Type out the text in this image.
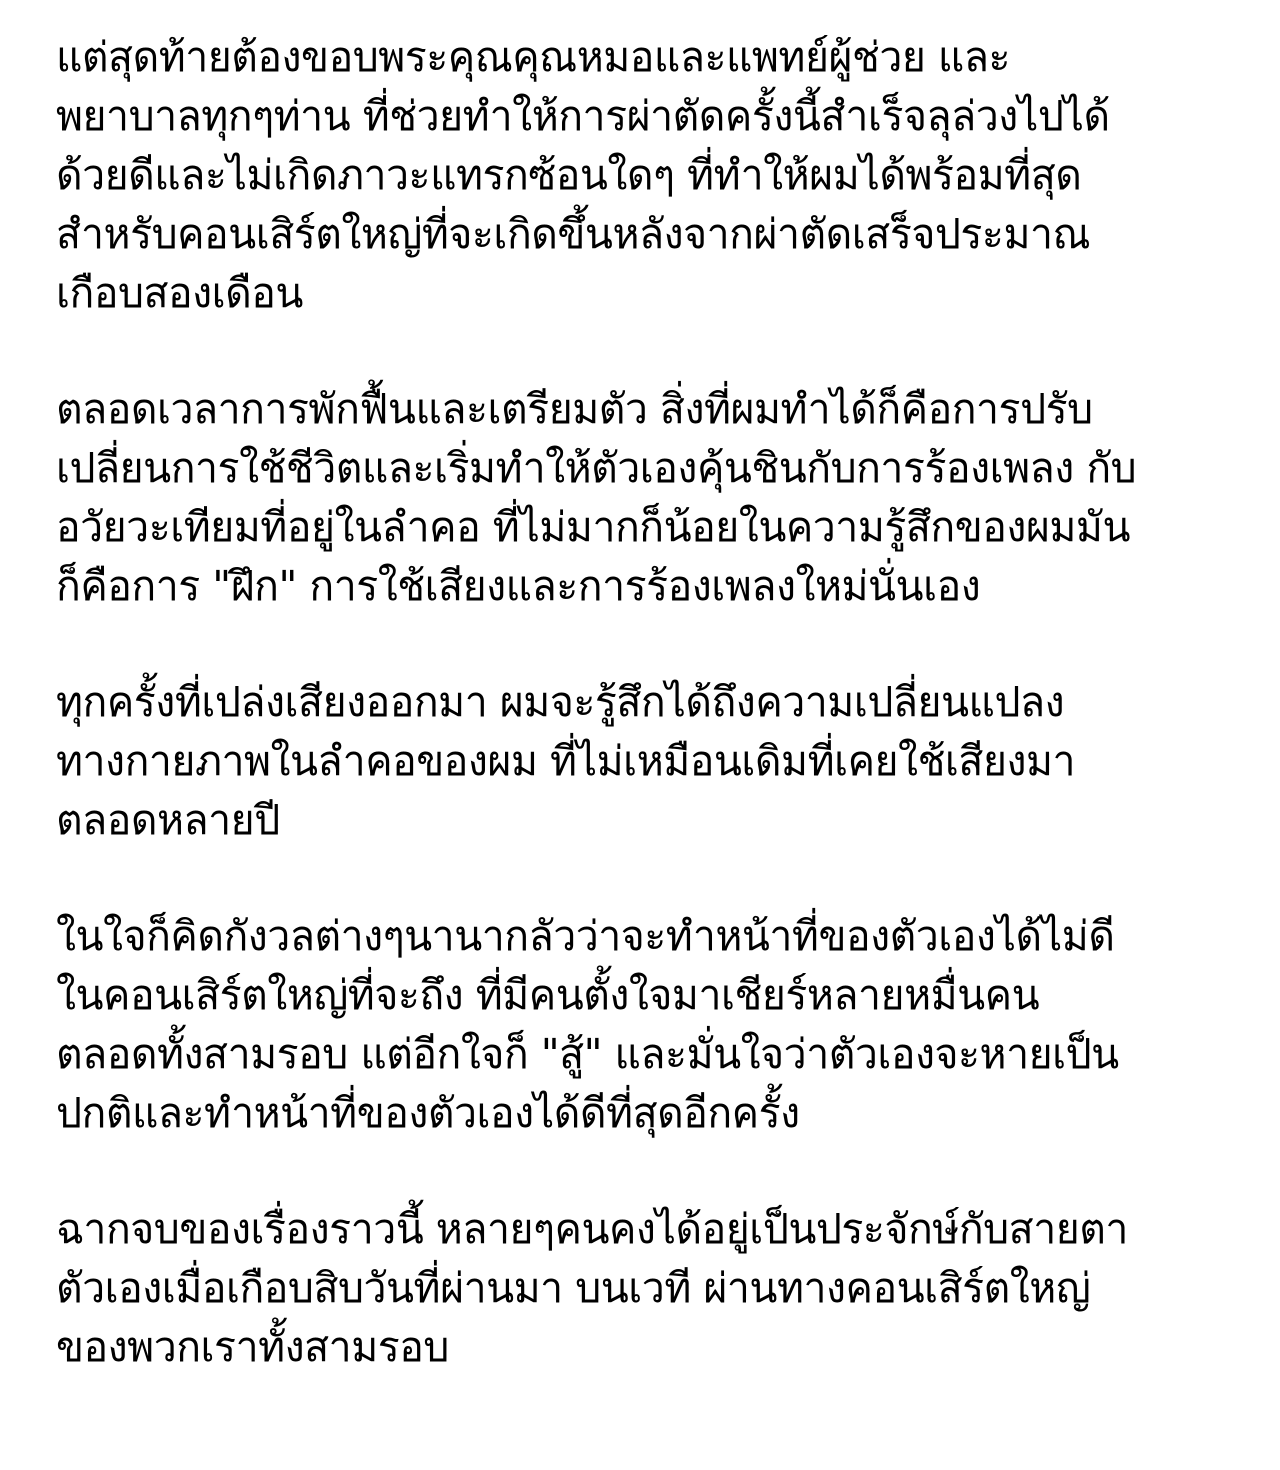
แต่สุดท้ายต้องขอบพระคุณคุณหมอและแพทย์ผู้ช่วย และ
พยาบาลทุกๆท่าน ที่ช่วยทำให้การผ่าตัดครั้งนี้สำเร็จลุล่วงไปได้
ด้วยดีและไม่เกิดภาวะแทรกซ้อนใดๆ ที่ทำให้ผมได้พร้อมที่สุด
สำหรับคอนเสิร์ตใหญ่ที่จะเกิดขึ้นหลังจากผ่าตัดเสร็จประมาณ
เกือบสองเดือน

ตลอดเวลาการพักฟื้นและเตรียมตัว สิ่งที่ผมทำได้ก็คือการปรับ
เปลี่ยนการใช้ชีวิตและเริ่มทำให้ตัวเองคุ้นชินกับการร้องเพลง กับ
อวัยวะเทียมที่อยู่ในลำคอ ที่ไม่มากก็น้อยในความรู้สึกของผมมัน
ก็คือการ "ฝึก" การใช้เสียงและการร้องเพลงใหม่นั่นเอง

ทุกครั้งที่เปล่งเสียงออกมา ผมจะรู้สึกได้ถึงความเปลี่ยนแปลง
ทางกายภาพในลำคอของผม ที่ไม่เหมือนเดิมที่เคยใช้เสียงมา
ตลอดหลายปี

ในใจก็คิดกังวลต่างๆนานากลัวว่าจะทำหน้าที่ของตัวเองได้ไม่ดี
ในคอนเสิร์ตใหญ่ที่จะถึง ที่มีคนตั้งใจมาเชียร์หลายหมื่นคน
ตลอดทั้งสามรอบ แต่อีกใจก็ "สู้" และมั่นใจว่าตัวเองจะหายเป็น
ปกติและทำหน้าที่ของตัวเองได้ดีที่สุดอีกครั้ง

ฉากจบของเรื่องราวนี้ หลายๆคนคงได้อยู่เป็นประจักษ์กับสายตา
ตัวเองเมื่อเกือบสิบวันที่ผ่านมา บนเวที ผ่านทางคอนเสิร์ตใหญ่
ของพวกเราทั้งสามรอบ
